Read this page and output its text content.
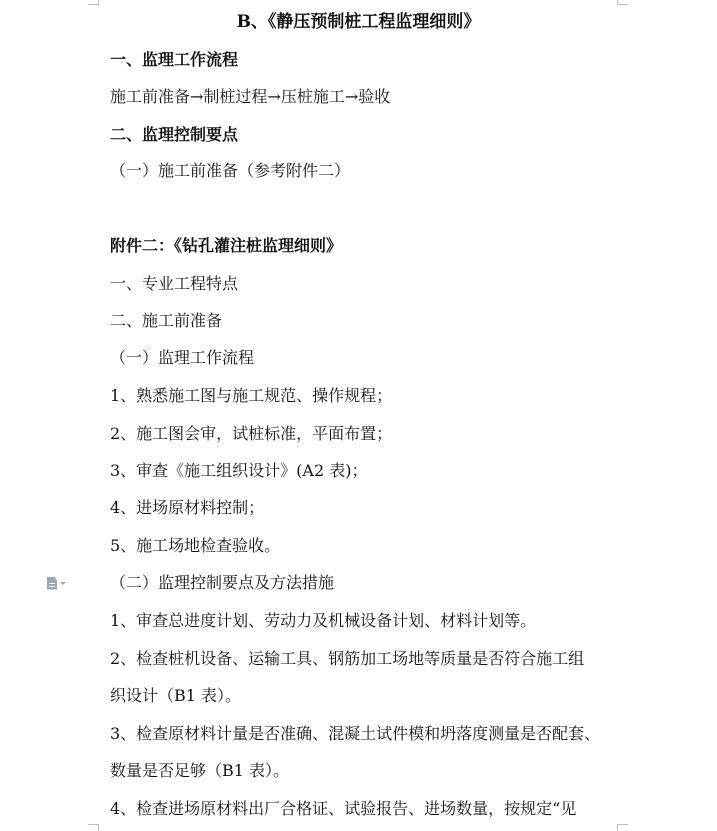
B、《静压预制桩工程监理细则》
一、监理工作流程
施工前准备→制桩过程→压桩施工→验收
二、监理控制要点
（一）施工前准备（参考附件二）
附件二：《钻孔灌注桩监理细则》
一、专业工程特点
二、施工前准备
（一）监理工作流程
1、熟悉施工图与施工规范、操作规程；
2、施工图会审，试桩标准，平面布置；
3、审查《施工组织设计》(A2 表)；
4、进场原材料控制；
5、施工场地检查验收。
（二）监理控制要点及方法措施
1、审查总进度计划、劳动力及机械设备计划、材料计划等。
2、检查桩机设备、运输工具、钢筋加工场地等质量是否符合施工组
织设计（B1 表）。
3、检查原材料计量是否准确、混凝土试件模和坍落度测量是否配套、
数量是否足够（B1 表）。
4、检查进场原材料出厂合格证、试验报告、进场数量，按规定“见
